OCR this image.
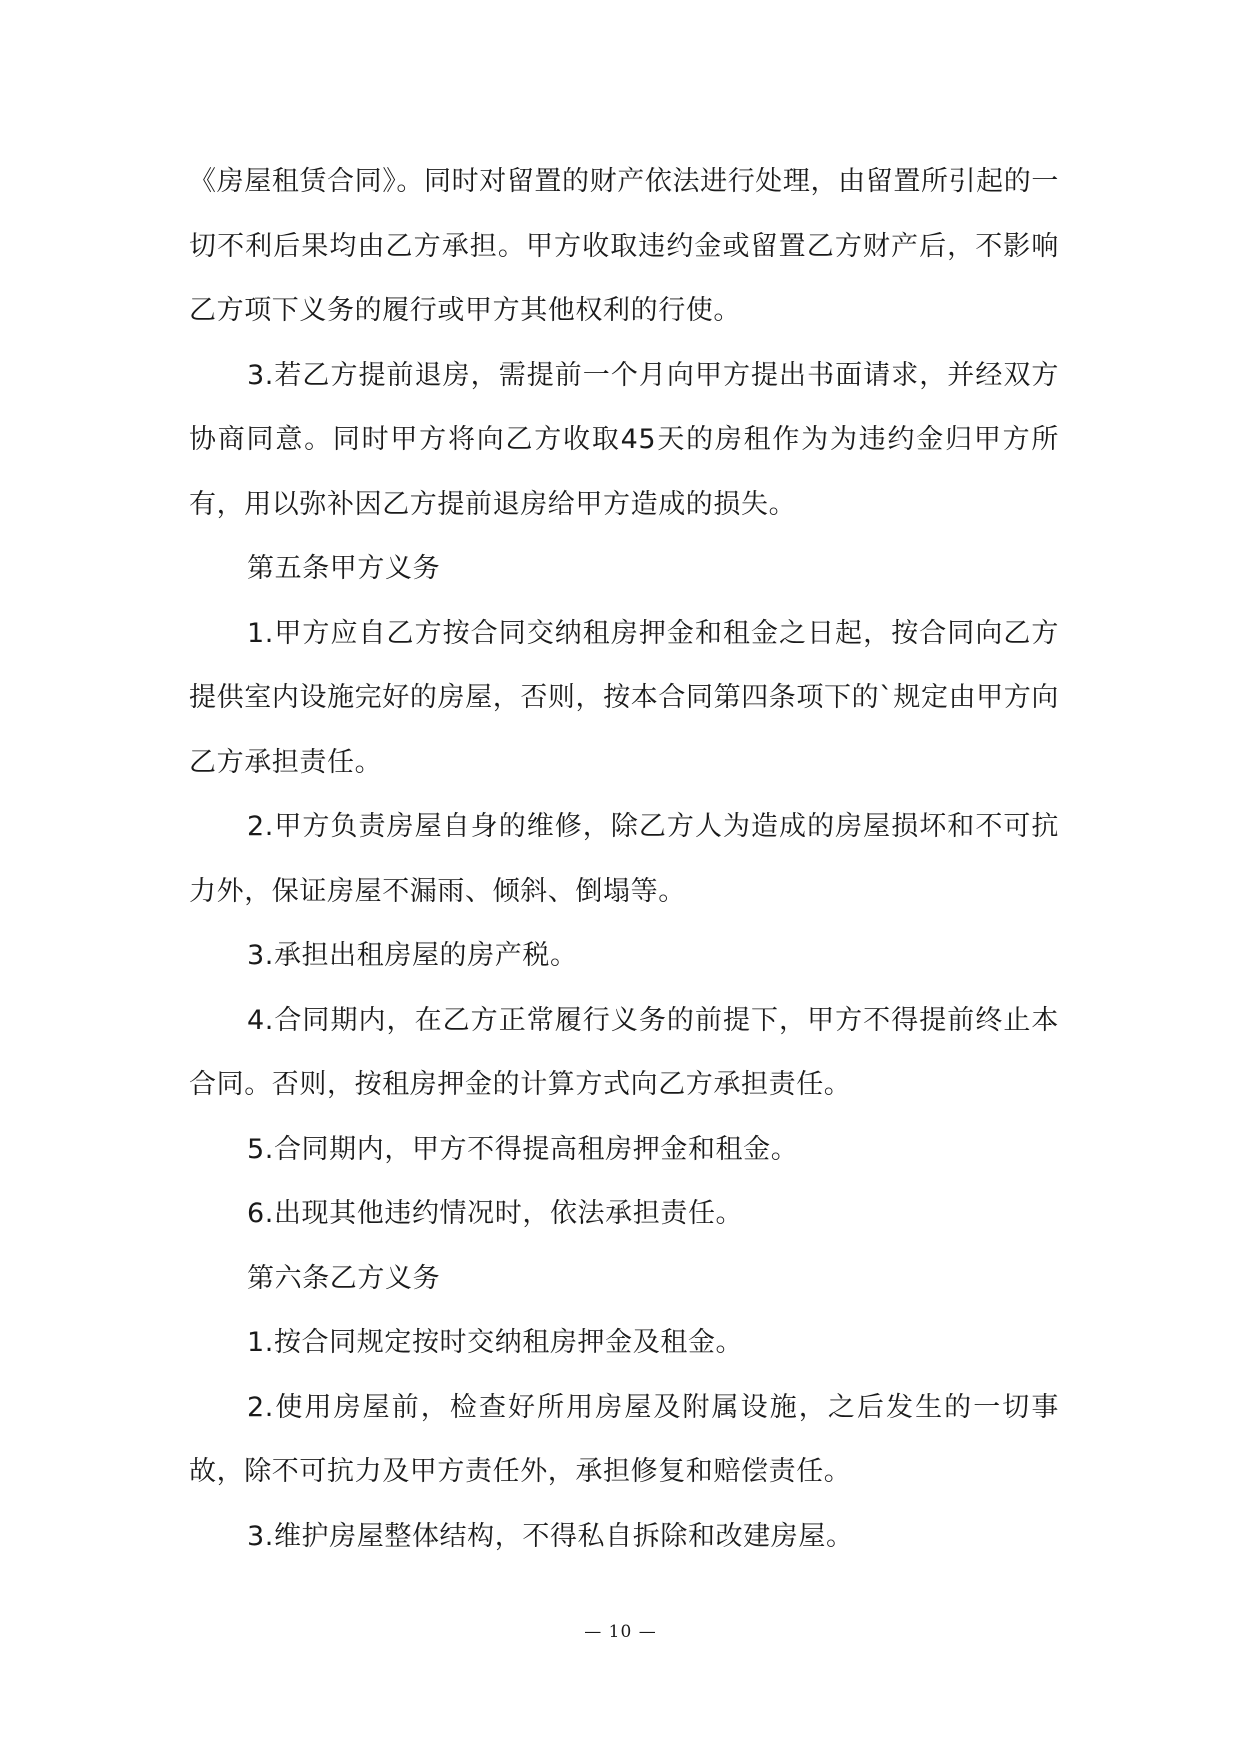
《房屋租赁合同》。同时对留置的财产依法进行处理，由留置所引起的一切不利后果均由乙方承担。甲方收取违约金或留置乙方财产后，不影响乙方项下义务的履行或甲方其他权利的行使。

3.若乙方提前退房，需提前一个月向甲方提出书面请求，并经双方协商同意。同时甲方将向乙方收取45天的房租作为为违约金归甲方所有，用以弥补因乙方提前退房给甲方造成的损失。

第五条甲方义务

1.甲方应自乙方按合同交纳租房押金和租金之日起，按合同向乙方提供室内设施完好的房屋，否则，按本合同第四条项下的`规定由甲方向乙方承担责任。

2.甲方负责房屋自身的维修，除乙方人为造成的房屋损坏和不可抗力外，保证房屋不漏雨、倾斜、倒塌等。

3.承担出租房屋的房产税。

4.合同期内，在乙方正常履行义务的前提下，甲方不得提前终止本合同。否则，按租房押金的计算方式向乙方承担责任。

5.合同期内，甲方不得提高租房押金和租金。

6.出现其他违约情况时，依法承担责任。

第六条乙方义务

1.按合同规定按时交纳租房押金及租金。

2.使用房屋前，检查好所用房屋及附属设施，之后发生的一切事故，除不可抗力及甲方责任外，承担修复和赔偿责任。

3.维护房屋整体结构，不得私自拆除和改建房屋。

— 10 —
